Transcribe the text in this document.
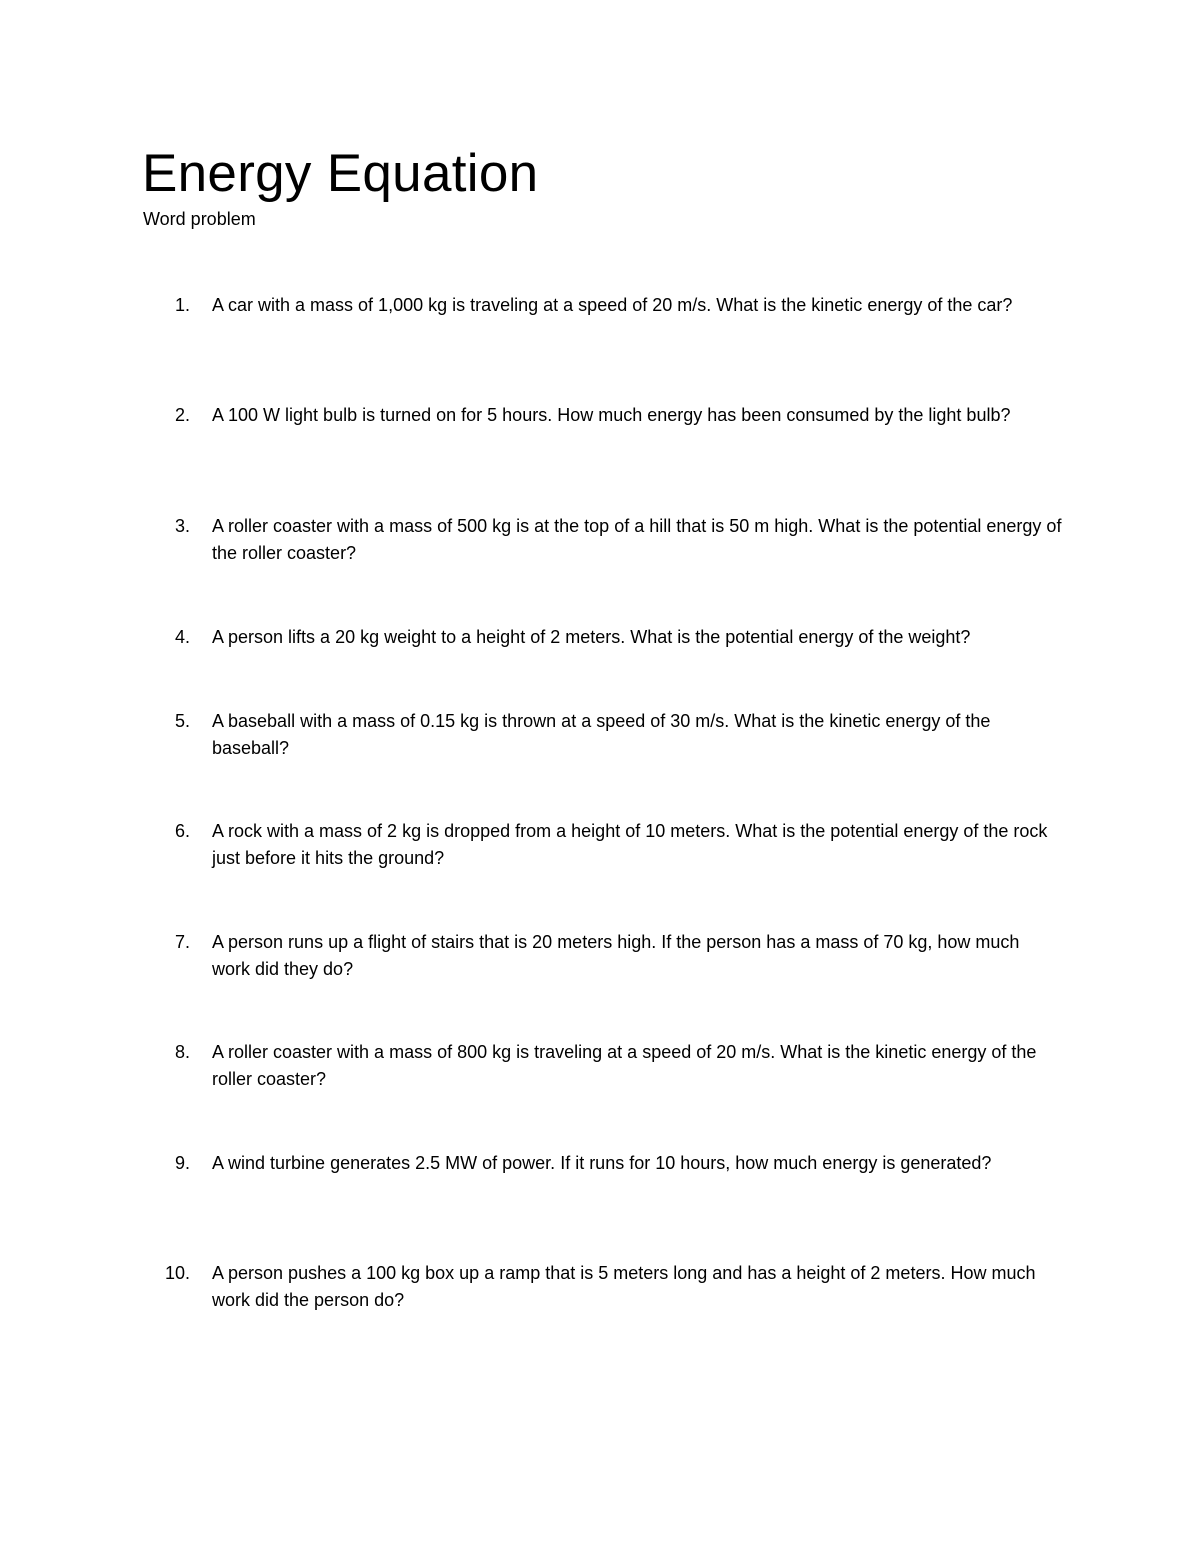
Energy Equation
Word problem
1. A car with a mass of 1,000 kg is traveling at a speed of 20 m/s. What is the kinetic energy of the car?
2. A 100 W light bulb is turned on for 5 hours. How much energy has been consumed by the light bulb?
3. A roller coaster with a mass of 500 kg is at the top of a hill that is 50 m high. What is the potential energy of the roller coaster?
4. A person lifts a 20 kg weight to a height of 2 meters. What is the potential energy of the weight?
5. A baseball with a mass of 0.15 kg is thrown at a speed of 30 m/s. What is the kinetic energy of the baseball?
6. A rock with a mass of 2 kg is dropped from a height of 10 meters. What is the potential energy of the rock just before it hits the ground?
7. A person runs up a flight of stairs that is 20 meters high. If the person has a mass of 70 kg, how much work did they do?
8. A roller coaster with a mass of 800 kg is traveling at a speed of 20 m/s. What is the kinetic energy of the roller coaster?
9. A wind turbine generates 2.5 MW of power. If it runs for 10 hours, how much energy is generated?
10. A person pushes a 100 kg box up a ramp that is 5 meters long and has a height of 2 meters. How much work did the person do?
